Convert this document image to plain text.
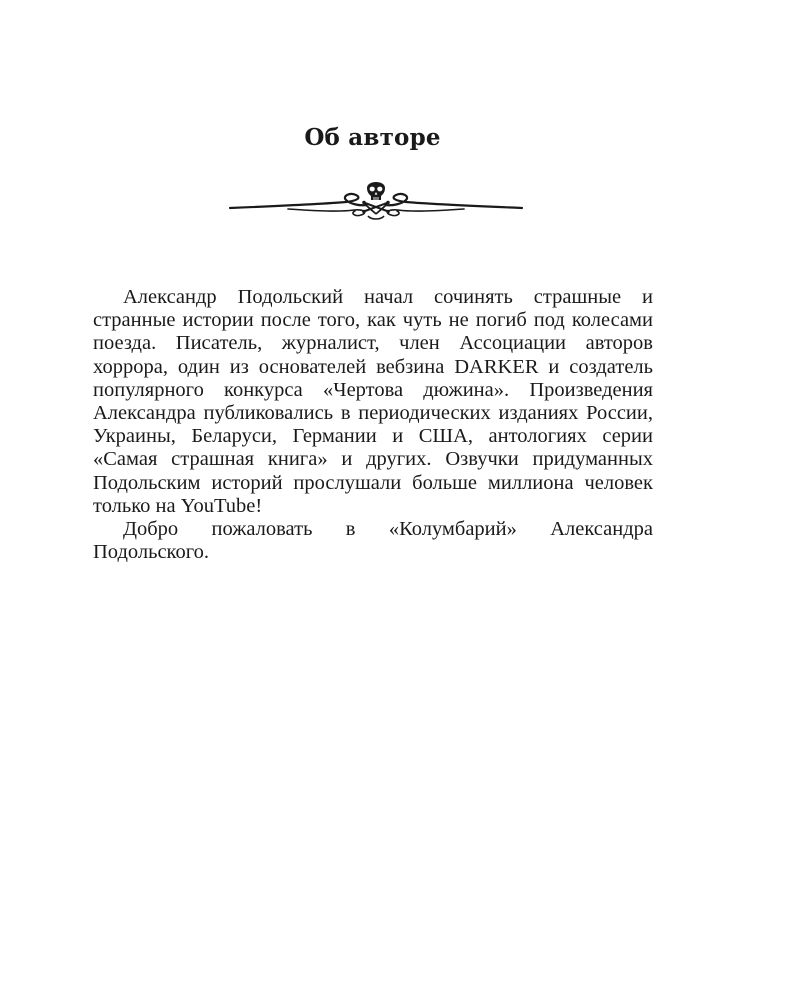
Об авторе

Александр Подольский начал сочинять страшные и странные истории после того, как чуть не погиб под колесами поезда. Писатель, журналист, член Ассоциации авторов хоррора, один из основателей вебзина DARKER и создатель популярного конкурса «Чертова дюжина». Произведения Александра публиковались в периодических изданиях России, Украины, Беларуси, Германии и США, антологиях серии «Самая страшная книга» и других. Озвучки придуманных Подольским историй прослушали больше миллиона человек только на YouTube!

Добро пожаловать в «Колумбарий» Александра Подольского.
